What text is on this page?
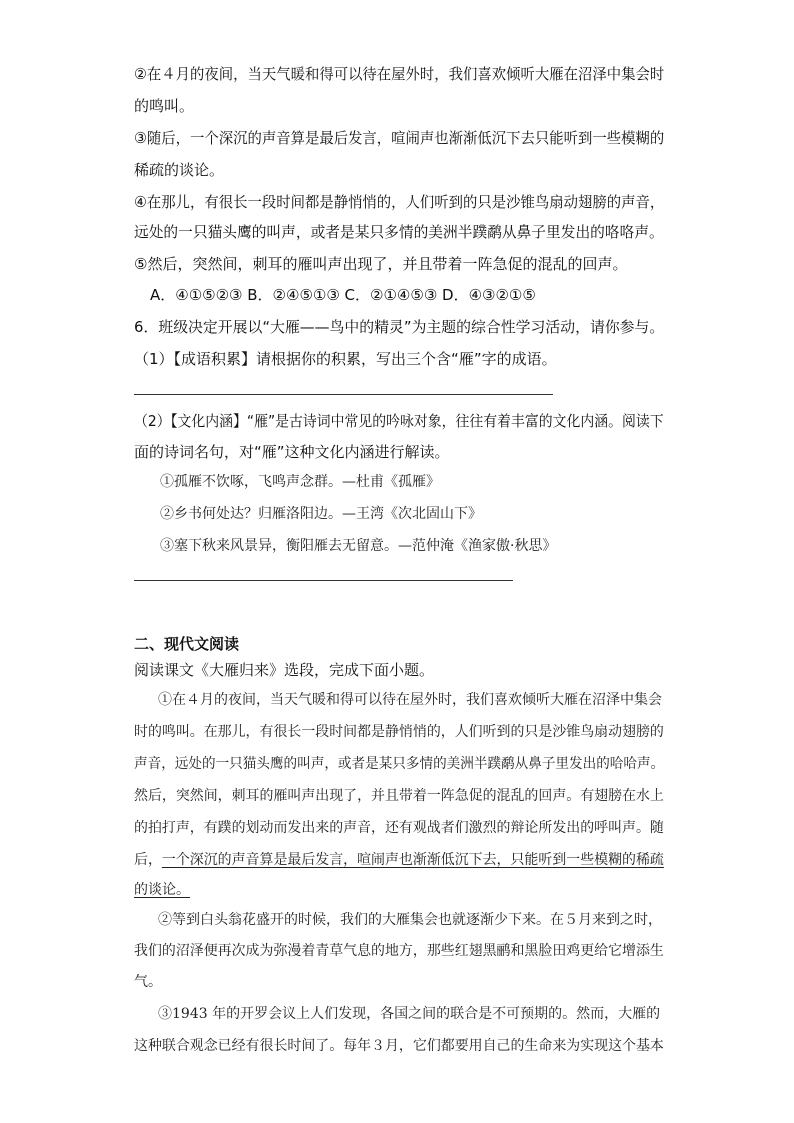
②在４月的夜间，当天气暖和得可以待在屋外时，我们喜欢倾听大雁在沼泽中集会时
的鸣叫。
③随后，一个深沉的声音算是最后发言，喧闹声也渐渐低沉下去只能听到一些模糊的
稀疏的谈论。
④在那儿，有很长一段时间都是静悄悄的，人们听到的只是沙锥鸟扇动翅膀的声音，
远处的一只猫头鹰的叫声，或者是某只多情的美洲半蹼鹬从鼻子里发出的咯咯声。
⑤然后，突然间，刺耳的雁叫声出现了，并且带着一阵急促的混乱的回声。
A．④①⑤②③ B．②④⑤①③ C．②①④⑤③ D．④③②①⑤
6．班级决定开展以“大雁——鸟中的精灵”为主题的综合性学习活动，请你参与。
（1）【成语积累】请根据你的积累，写出三个含“雁”字的成语。
（2）【文化内涵】“雁”是古诗词中常见的吟咏对象，往往有着丰富的文化内涵。阅读下
面的诗词名句，对“雁”这种文化内涵进行解读。
①孤雁不饮啄，飞鸣声念群。—杜甫《孤雁》
②乡书何处达？归雁洛阳边。—王湾《次北固山下》
③塞下秋来风景异，衡阳雁去无留意。—范仲淹《渔家傲·秋思》
二、现代文阅读
阅读课文《大雁归来》选段，完成下面小题。
①在４月的夜间，当天气暖和得可以待在屋外时，我们喜欢倾听大雁在沼泽中集会
时的鸣叫。在那儿，有很长一段时间都是静悄悄的，人们听到的只是沙锥鸟扇动翅膀的
声音，远处的一只猫头鹰的叫声，或者是某只多情的美洲半蹼鹬从鼻子里发出的哈哈声。
然后，突然间，刺耳的雁叫声出现了，并且带着一阵急促的混乱的回声。有翅膀在水上
的拍打声，有蹼的划动而发出来的声音，还有观战者们激烈的辩论所发出的呼叫声。随
后，一个深沉的声音算是最后发言，喧闹声也渐渐低沉下去，只能听到一些模糊的稀疏
的谈论。
②等到白头翁花盛开的时候，我们的大雁集会也就逐渐少下来。在５月来到之时，
我们的沼泽便再次成为弥漫着青草气息的地方，那些红翅黑鹂和黑脸田鸡更给它增添生
气。
③1943 年的开罗会议上人们发现，各国之间的联合是不可预期的。然而，大雁的
这种联合观念已经有很长时间了。每年３月，它们都要用自己的生命来为实现这个基本
